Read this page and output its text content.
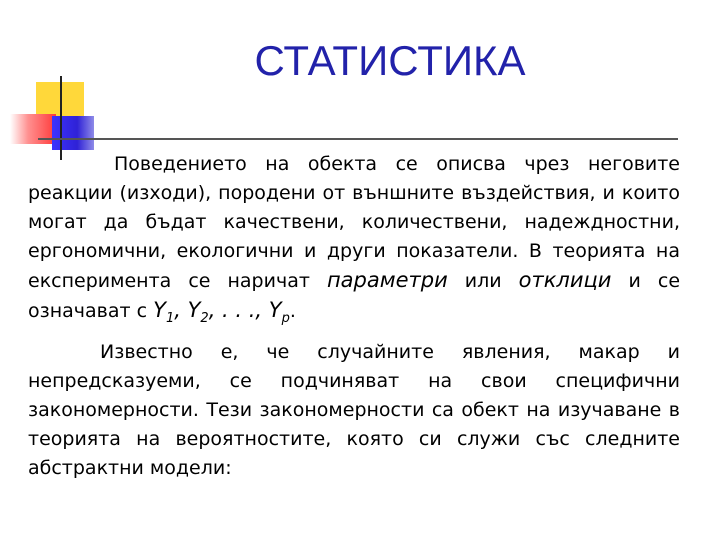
СТАТИСТИКА

Поведението на обекта се описва чрез неговите реакции (изходи), породени от външните въздействия, и които могат да бъдат качествени, количествени, надеждностни, ергономични, екологични и други показатели. В теорията на експеримента се наричат параметри или отклици и се означават с $Y_1$, $Y_2$, . . ., $Y_p$.

Известно е, че случайните явления, макар и непредсказуеми, се подчиняват на свои специфични закономерности. Тези закономерности са обект на изучаване в теорията на вероятностите, която си служи със следните абстрактни модели:
